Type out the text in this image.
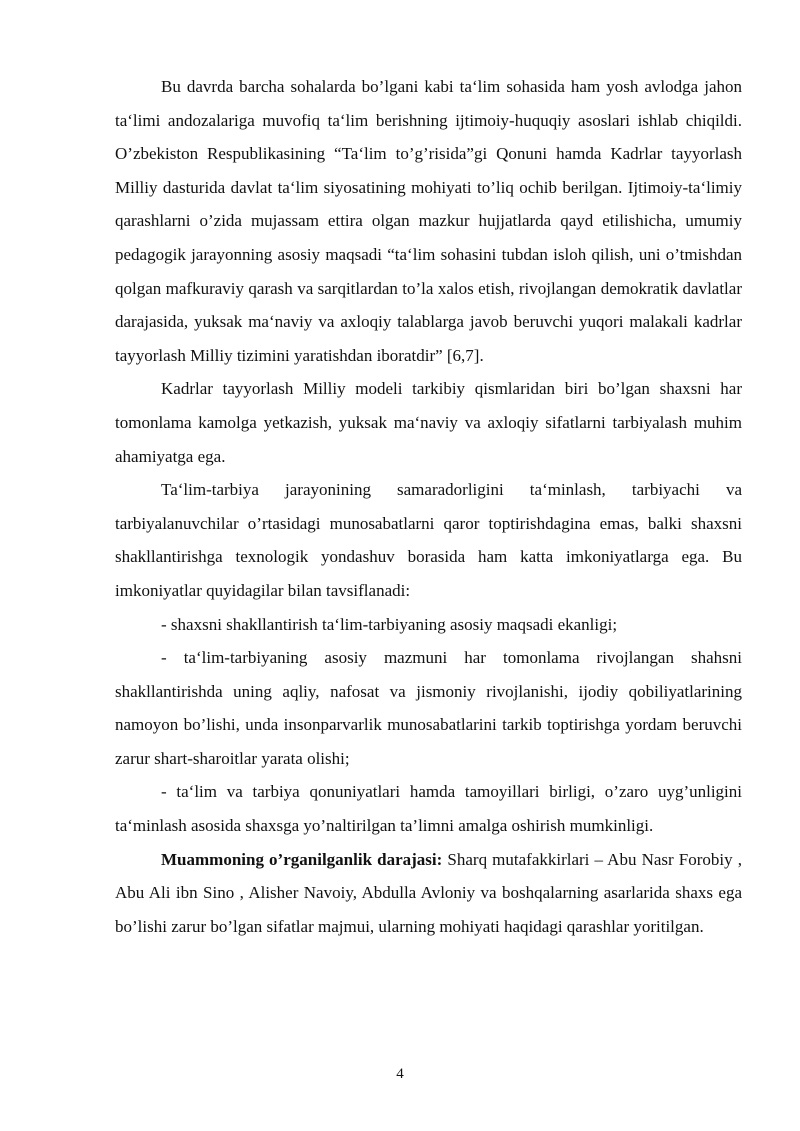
Bu davrda barcha sohalarda bo’lgani kabi ta‘lim sohasida ham yosh avlodga jahon ta‘limi andozalariga muvofiq ta‘lim berishning ijtimoiy-huquqiy asoslari ishlab chiqildi. O’zbekiston Respublikasining “Ta‘lim to’g’risida”gi Qonuni hamda Kadrlar tayyorlash Milliy dasturida davlat ta‘lim siyosatining mohiyati to’liq ochib berilgan. Ijtimoiy-ta‘limiy qarashlarni o’zida mujassam ettira olgan mazkur hujjatlarda qayd etilishicha, umumiy pedagogik jarayonning asosiy maqsadi “ta‘lim sohasini tubdan isloh qilish, uni o’tmishdan qolgan mafkuraviy qarash va sarqitlardan to’la xalos etish, rivojlangan demokratik davlatlar darajasida, yuksak ma‘naviy va axloqiy talablarga javob beruvchi yuqori malakali kadrlar tayyorlash Milliy tizimini yaratishdan iboratdir” [6,7].

Kadrlar tayyorlash Milliy modeli tarkibiy qismlaridan biri bo’lgan shaxsni har tomonlama kamolga yetkazish, yuksak ma‘naviy va axloqiy sifatlarni tarbiyalash muhim ahamiyatga ega.

Ta‘lim-tarbiya jarayonining samaradorligini ta‘minlash, tarbiyachi va tarbiyalanuvchilar o’rtasidagi munosabatlarni qaror toptirishdagina emas, balki shaxsni shakllantirishga texnologik yondashuv borasida ham katta imkoniyatlarga ega. Bu imkoniyatlar quyidagilar bilan tavsiflanadi:

- shaxsni shakllantirish ta‘lim-tarbiyaning asosiy maqsadi ekanligi;

- ta‘lim-tarbiyaning asosiy mazmuni har tomonlama rivojlangan shahsni shakllantirishda uning aqliy, nafosat va jismoniy rivojlanishi, ijodiy qobiliyatlarining namoyon bo’lishi, unda insonparvarlik munosabatlarini tarkib toptirishga yordam beruvchi zarur shart-sharoitlar yarata olishi;

- ta‘lim va tarbiya qonuniyatlari hamda tamoyillari birligi, o’zaro uyg’unligini ta‘minlash asosida shaxsga yo’naltirilgan ta’limni amalga oshirish mumkinligi.

Muammoning o’rganilganlik darajasi: Sharq mutafakkirlari – Abu Nasr Forobiy , Abu Ali ibn Sino , Alisher Navoiy, Abdulla Avloniy va boshqalarning asarlarida shaxs ega bo’lishi zarur bo’lgan sifatlar majmui, ularning mohiyati haqidagi qarashlar yoritilgan.

4
